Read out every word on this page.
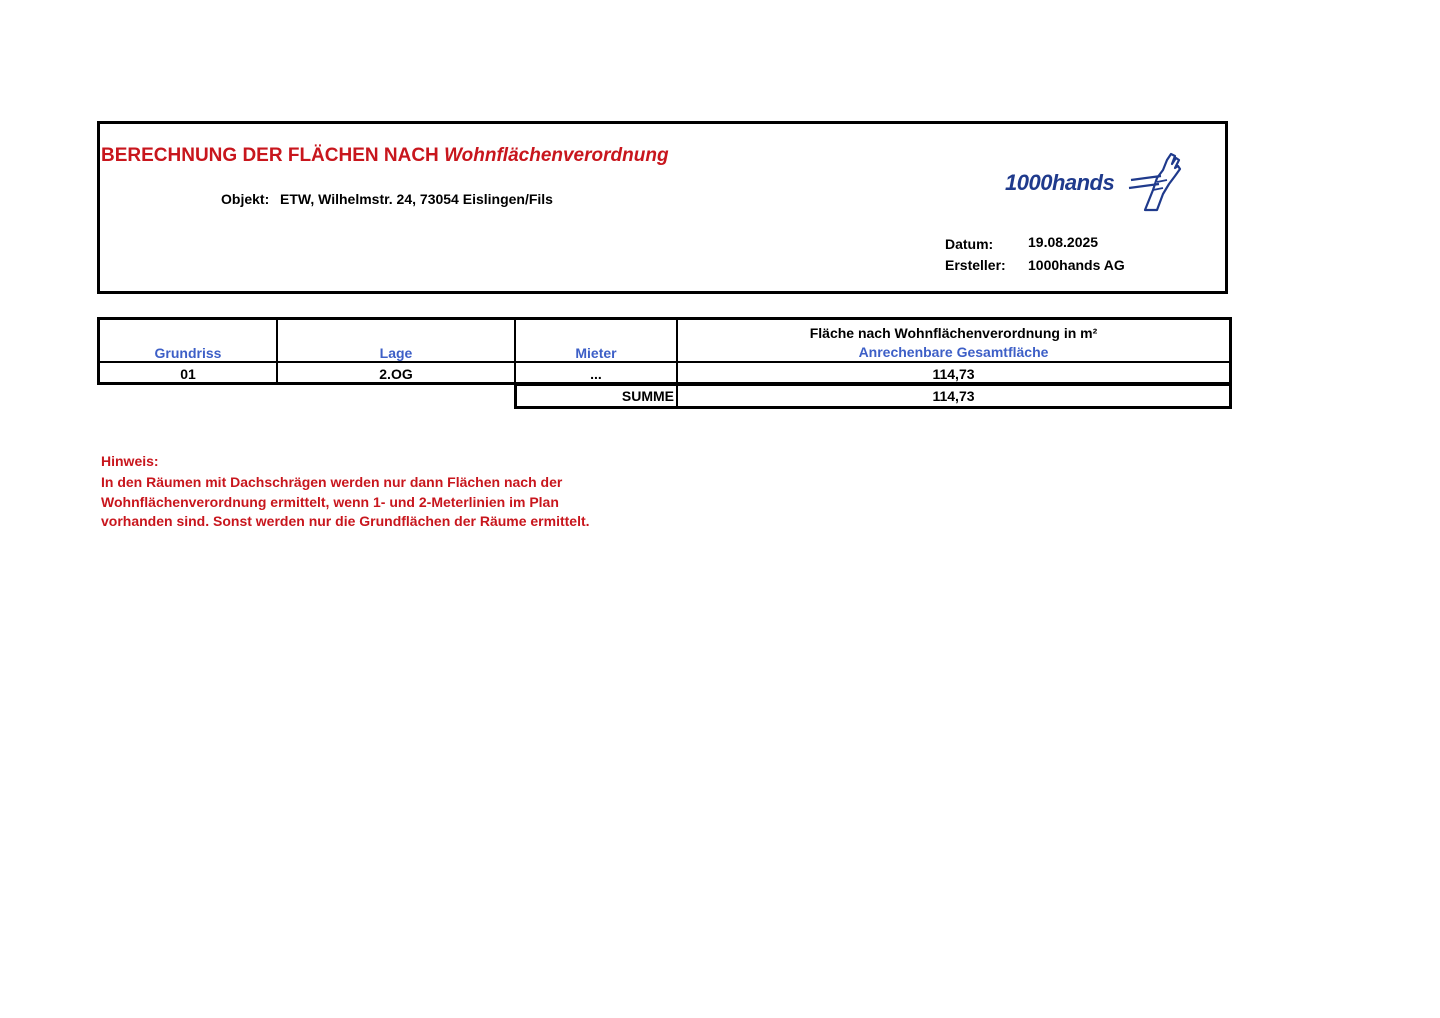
BERECHNUNG DER FLÄCHEN NACH Wohnflächenverordnung
Objekt: ETW, Wilhelmstr. 24, 73054 Eislingen/Fils
1000hands
Datum: 19.08.2025
Ersteller: 1000hands AG
Grundriss	Lage	Mieter
Fläche nach Wohnflächenverordnung in m²
Anrechenbare Gesamtfläche
01	2.OG	...	114,73
SUMME	114,73
Hinweis:
In den Räumen mit Dachschrägen werden nur dann Flächen nach der
Wohnflächenverordnung ermittelt, wenn 1- und 2-Meterlinien im Plan
vorhanden sind. Sonst werden nur die Grundflächen der Räume ermittelt.
